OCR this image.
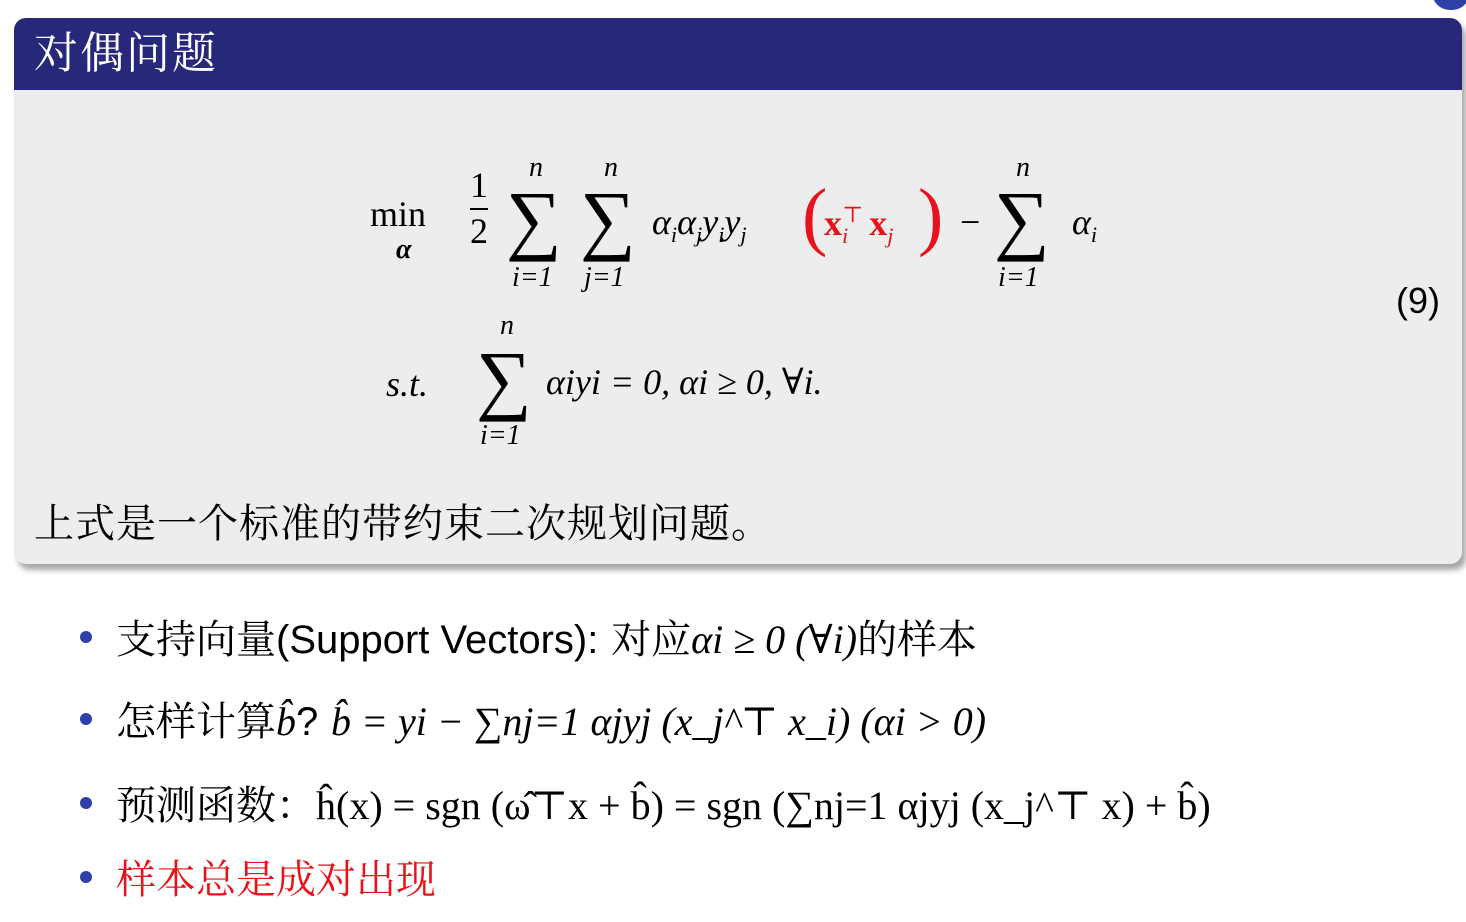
对偶问题
min
α $\frac{1}{2}$ n
∑
i=1
n
∑
j=1
$\alpha_i\alpha_jy_iy_j$ (
$x_i^⊤$ $x_j$ ) −
n
∑
i=1
$\alpha_i$
s.t.
n
∑
i=1
αiyi = 0, αi ≥ 0, ∀i.
(9)
上式是一个标准的带约束二次规划问题。
支持向量(Support Vectors): 对应αi ≥ 0 (∀i)的样本
怎样计算b̂? b̂ = yi − ∑nj=1 αjyj (x_j^⊤ x_i) (αi > 0)
预测函数：ĥ(x) = sgn (ω̂⊤x + b̂) = sgn (∑nj=1 αjyj (x_j^⊤ x) + b̂)
样本总是成对出现
